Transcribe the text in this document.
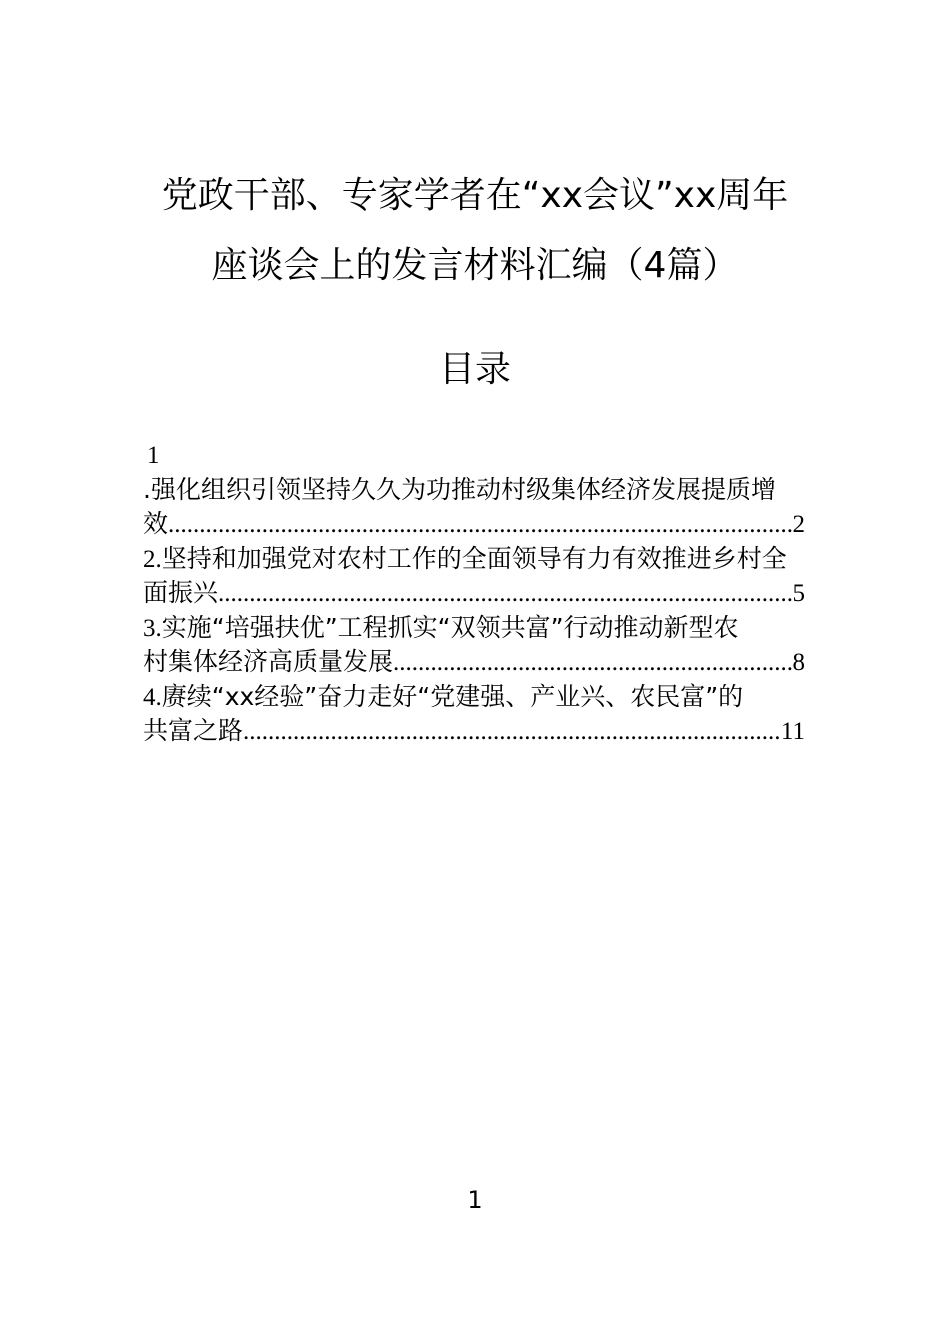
党政干部、专家学者在“xx会议”xx周年
座谈会上的发言材料汇编（4篇）
目录
1
.强化组织引领坚持久久为功推动村级集体经济发展提质增
效 .....	2
2.坚持和加强党对农村工作的全面领导有力有效推进乡村全
面振兴 .....	5
3.实施“培强扶优”工程抓实“双领共富”行动推动新型农
村集体经济高质量发展 .....	8
4.赓续“xx经验”奋力走好“党建强、产业兴、农民富”的
共富之路 .....	11
1
